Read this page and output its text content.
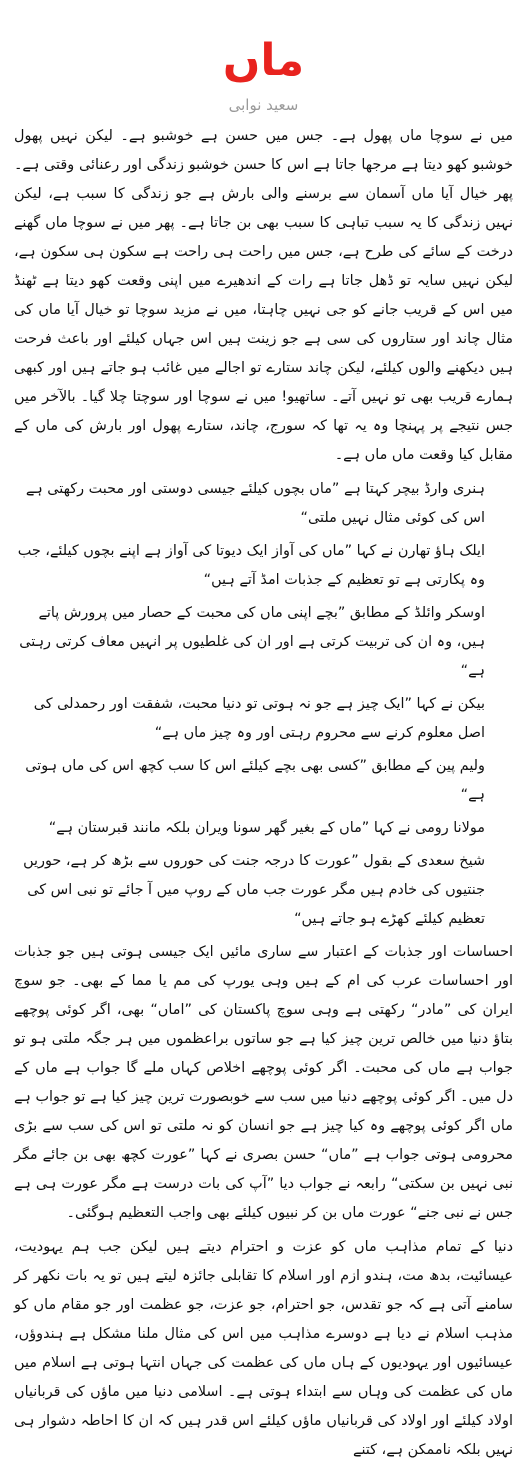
ماں
سعید نوابی

میں نے سوچا ماں پھول ہے۔ جس میں حسن ہے خوشبو ہے۔ لیکن نہیں پھول خوشبو کھو دیتا ہے مرجھا جاتا ہے اس کا حسن خوشبو زندگی اور رعنائی وقتی ہے۔ پھر خیال آیا ماں آسمان سے برسنے والی بارش ہے جو زندگی کا سبب ہے، لیکن نہیں زندگی کا یہ سبب تباہی کا سبب بھی بن جاتا ہے۔ پھر میں نے سوچا ماں گھنے درخت کے سائے کی طرح ہے، جس میں راحت ہی راحت ہے سکون ہی سکون ہے، لیکن نہیں سایہ تو ڈھل جاتا ہے رات کے اندھیرے میں اپنی وقعت کھو دیتا ہے ٹھنڈ میں اس کے قریب جانے کو جی نہیں چاہتا، میں نے مزید سوچا تو خیال آیا ماں کی مثال چاند اور ستاروں کی سی ہے جو زینت ہیں اس جہاں کیلئے اور باعث فرحت ہیں دیکھنے والوں کیلئے، لیکن چاند ستارے تو اجالے میں غائب ہو جاتے ہیں اور کبھی ہمارے قریب بھی تو نہیں آتے۔ ساتھیو! میں نے سوچا اور سوچتا چلا گیا۔ بالآخر میں جس نتیجے پر پہنچا وہ یہ تھا کہ سورج، چاند، ستارے پھول اور بارش کی ماں کے مقابل کیا وقعت ماں ماں ہے۔

ہنری وارڈ بیچر کہتا ہے ”ماں بچوں کیلئے جیسی دوستی اور محبت رکھتی ہے اس کی کوئی مثال نہیں ملتی“

ایلک ہاؤ تھارن نے کہا ”ماں کی آواز ایک دیوتا کی آواز ہے اپنے بچوں کیلئے، جب وہ پکارتی ہے تو تعظیم کے جذبات امڈ آتے ہیں“

اوسکر وائلڈ کے مطابق ”بچے اپنی ماں کی محبت کے حصار میں پرورش پاتے ہیں، وہ ان کی تربیت کرتی ہے اور ان کی غلطیوں پر انہیں معاف کرتی رہتی ہے“

بیکن نے کہا ”ایک چیز ہے جو نہ ہوتی تو دنیا محبت، شفقت اور رحمدلی کی اصل معلوم کرنے سے محروم رہتی اور وہ چیز ماں ہے“

ولیم پین کے مطابق ”کسی بھی بچے کیلئے اس کا سب کچھ اس کی ماں ہوتی ہے“

مولانا رومی نے کہا ”ماں کے بغیر گھر سونا ویران بلکہ مانند قبرستان ہے“

شیخ سعدی کے بقول ”عورت کا درجہ جنت کی حوروں سے بڑھ کر ہے، حوریں جنتیوں کی خادم ہیں مگر عورت جب ماں کے روپ میں آ جائے تو نبی اس کی تعظیم کیلئے کھڑے ہو جاتے ہیں“

احساسات اور جذبات کے اعتبار سے ساری مائیں ایک جیسی ہوتی ہیں جو جذبات اور احساسات عرب کی ام کے ہیں وہی یورپ کی مم یا مما کے بھی۔ جو سوچ ایران کی ”مادر“ رکھتی ہے وہی سوچ پاکستان کی ”اماں“ بھی، اگر کوئی پوچھے بتاؤ دنیا میں خالص ترین چیز کیا ہے جو ساتوں براعظموں میں ہر جگہ ملتی ہو تو جواب ہے ماں کی محبت۔ اگر کوئی پوچھے اخلاص کہاں ملے گا جواب ہے ماں کے دل میں۔ اگر کوئی پوچھے دنیا میں سب سے خوبصورت ترین چیز کیا ہے تو جواب ہے ماں اگر کوئی پوچھے وہ کیا چیز ہے جو انسان کو نہ ملتی تو اس کی سب سے بڑی محرومی ہوتی جواب ہے ”ماں“ حسن بصری نے کہا ”عورت کچھ بھی بن جائے مگر نبی نہیں بن سکتی“ رابعہ نے جواب دیا ”آپ کی بات درست ہے مگر عورت ہی ہے جس نے نبی جنے“ عورت ماں بن کر نبیوں کیلئے بھی واجب التعظیم ہوگئی۔

دنیا کے تمام مذاہب ماں کو عزت و احترام دیتے ہیں لیکن جب ہم یہودیت، عیسائیت، بدھ مت، ہندو ازم اور اسلام کا تقابلی جائزہ لیتے ہیں تو یہ بات نکھر کر سامنے آتی ہے کہ جو تقدس، جو احترام، جو عزت، جو عظمت اور جو مقام ماں کو مذہب اسلام نے دیا ہے دوسرے مذاہب میں اس کی مثال ملنا مشکل ہے ہندوؤں، عیسائیوں اور یہودیوں کے ہاں ماں کی عظمت کی جہاں انتہا ہوتی ہے اسلام میں ماں کی عظمت کی وہاں سے ابتداء ہوتی ہے۔ اسلامی دنیا میں ماؤں کی قربانیاں اولاد کیلئے اور اولاد کی قربانیاں ماؤں کیلئے اس قدر ہیں کہ ان کا احاطہ دشوار ہی نہیں بلکہ ناممکن ہے، کتنے
